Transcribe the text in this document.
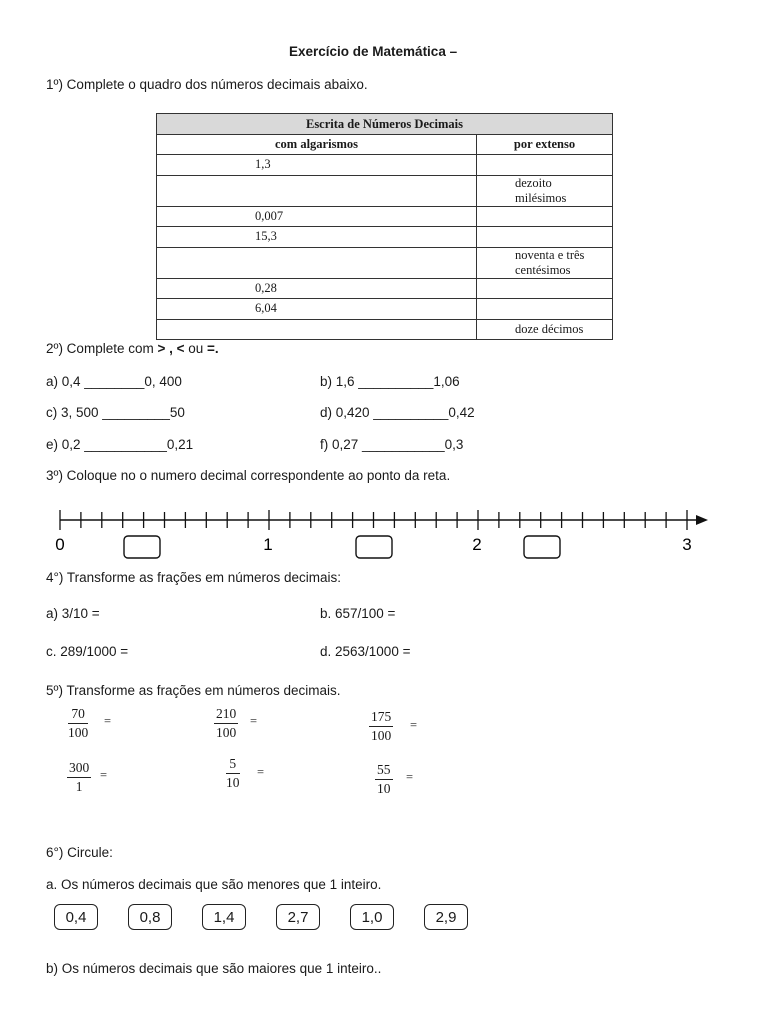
Exercício de Matemática –
1º) Complete o quadro dos números decimais abaixo.
Escrita de Números Decimais	
com algarismos	por extenso
1,3	
	dezoito milésimos
0,007	
15,3	
	noventa e três centésimos
0,28	
6,04	
	doze décimos
2º) Complete com > , < ou =.
a) 0,4 ________0, 400	b) 1,6 __________1,06
c) 3, 500 _________50	d) 0,420 __________0,42
e) 0,2 ___________0,21	f) 0,27 ___________0,3
3º) Coloque no o numero decimal correspondente ao ponto da reta.
0	1	2	3
4°) Transforme as frações em números decimais:
a) 3/10 =	b. 657/100 =
c. 289/1000 =	d. 2563/1000 =
5º) Transforme as frações em números decimais.
$\frac{70}{100}$ =	$\frac{210}{100}$ =	$\frac{175}{100}$ =
$\frac{300}{1}$ =	$\frac{5}{10}$ =	$\frac{55}{10}$ =
6°) Circule:
a. Os números decimais que são menores que 1 inteiro.
0,4	0,8	1,4	2,7	1,0	2,9
b) Os números decimais que são maiores que 1 inteiro..
